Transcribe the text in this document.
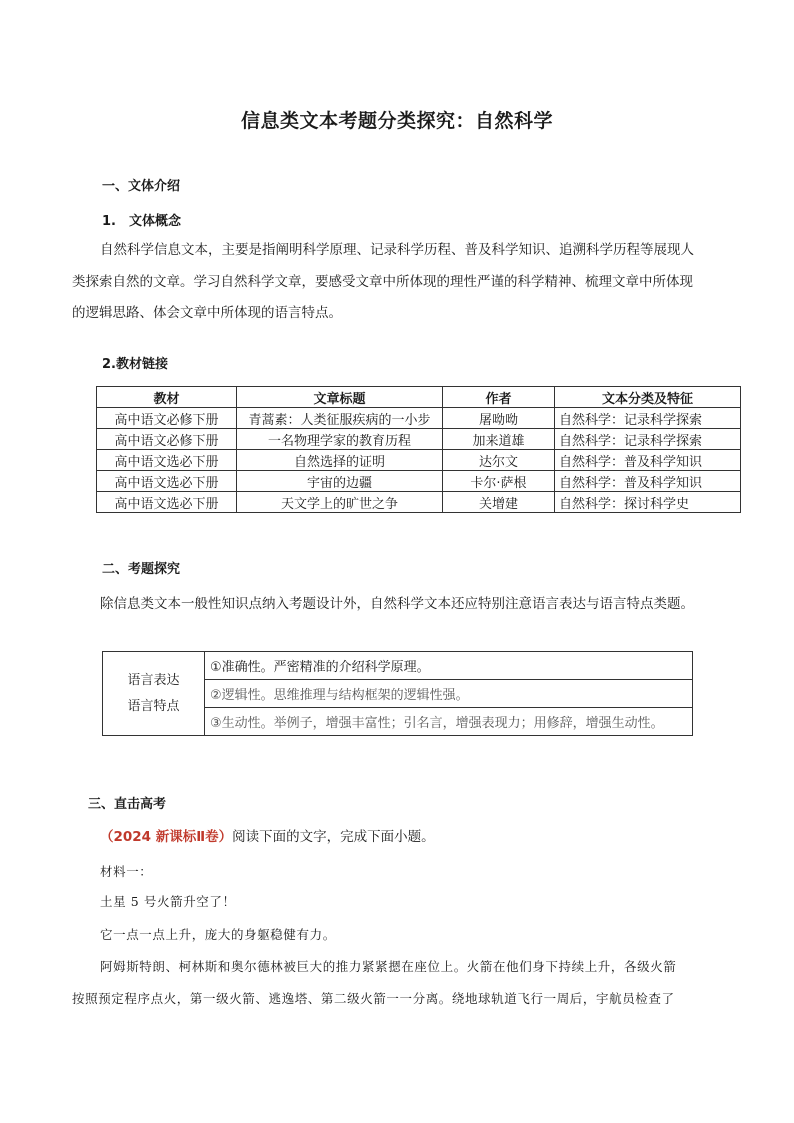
信息类文本考题分类探究：自然科学
一、文体介绍
1.　文体概念
自然科学信息文本，主要是指阐明科学原理、记录科学历程、普及科学知识、追溯科学历程等展现人
类探索自然的文章。学习自然科学文章，要感受文章中所体现的理性严谨的科学精神、梳理文章中所体现
的逻辑思路、体会文章中所体现的语言特点。
2.教材链接
教材	文章标题	作者	文本分类及特征
高中语文必修下册	青蒿素：人类征服疾病的一小步	屠呦呦	自然科学：记录科学探索
高中语文必修下册	一名物理学家的教育历程	加来道雄	自然科学：记录科学探索
高中语文选必下册	自然选择的证明	达尔文	自然科学：普及科学知识
高中语文选必下册	宇宙的边疆	卡尔·萨根	自然科学：普及科学知识
高中语文选必下册	天文学上的旷世之争	关增建	自然科学：探讨科学史
二、考题探究
除信息类文本一般性知识点纳入考题设计外，自然科学文本还应特别注意语言表达与语言特点类题。
语言表达
语言特点
	①准确性。严密精准的介绍科学原理。
②逻辑性。思维推理与结构框架的逻辑性强。
③生动性。举例子，增强丰富性；引名言，增强表现力；用修辞，增强生动性。
三、直击高考
（2024 新课标Ⅱ卷）阅读下面的文字，完成下面小题。
材料一：
土星 5 号火箭升空了！
它一点一点上升，庞大的身躯稳健有力。
阿姆斯特朗、柯林斯和奥尔德林被巨大的推力紧紧摁在座位上。火箭在他们身下持续上升，各级火箭
按照预定程序点火，第一级火箭、逃逸塔、第二级火箭一一分离。绕地球轨道飞行一周后，宇航员检查了
